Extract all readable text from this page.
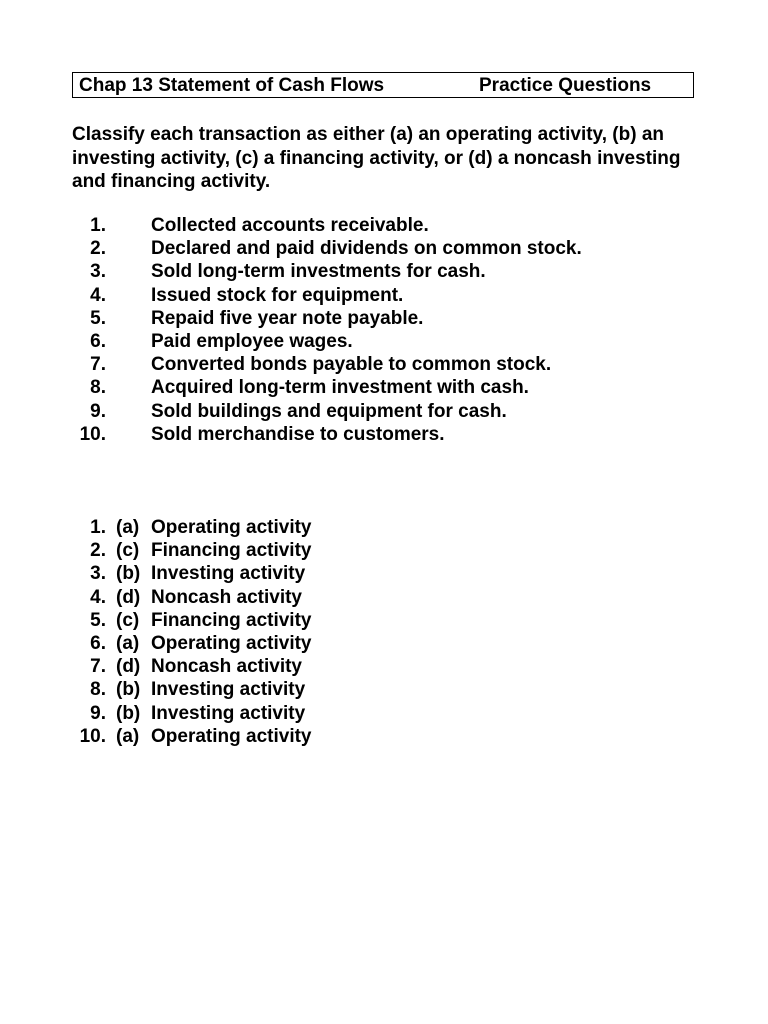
Chap 13 Statement of Cash Flows	Practice Questions
Classify each transaction as either (a) an operating activity, (b) an investing activity, (c) a financing activity, or (d) a noncash investing and financing activity.
1. Collected accounts receivable.
2. Declared and paid dividends on common stock.
3. Sold long-term investments for cash.
4. Issued stock for equipment.
5. Repaid five year note payable.
6. Paid employee wages.
7. Converted bonds payable to common stock.
8. Acquired long-term investment with cash.
9. Sold buildings and equipment for cash.
10. Sold merchandise to customers.
1. (a) Operating activity
2. (c) Financing activity
3. (b) Investing activity
4. (d) Noncash activity
5. (c) Financing activity
6. (a) Operating activity
7. (d) Noncash activity
8. (b) Investing activity
9. (b) Investing activity
10. (a) Operating activity
